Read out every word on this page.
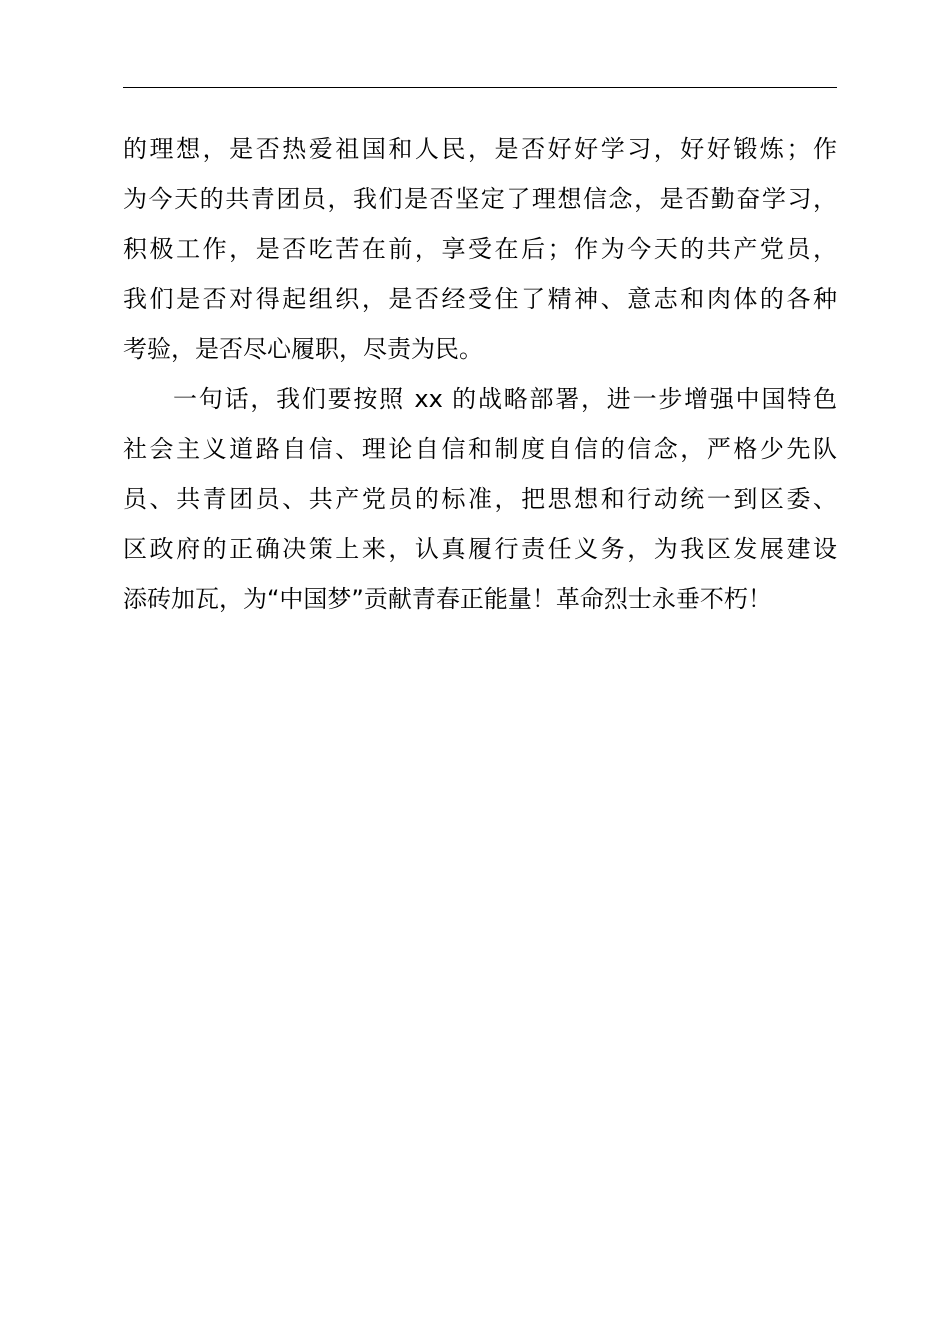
的理想，是否热爱祖国和人民，是否好好学习，好好锻炼；作
为今天的共青团员，我们是否坚定了理想信念，是否勤奋学习，
积极工作，是否吃苦在前，享受在后；作为今天的共产党员，
我们是否对得起组织，是否经受住了精神、意志和肉体的各种
考验，是否尽心履职，尽责为民。
一句话，我们要按照 xx 的战略部署，进一步增强中国特色
社会主义道路自信、理论自信和制度自信的信念，严格少先队
员、共青团员、共产党员的标准，把思想和行动统一到区委、
区政府的正确决策上来，认真履行责任义务，为我区发展建设
添砖加瓦，为“中国梦”贡献青春正能量！革命烈士永垂不朽！
